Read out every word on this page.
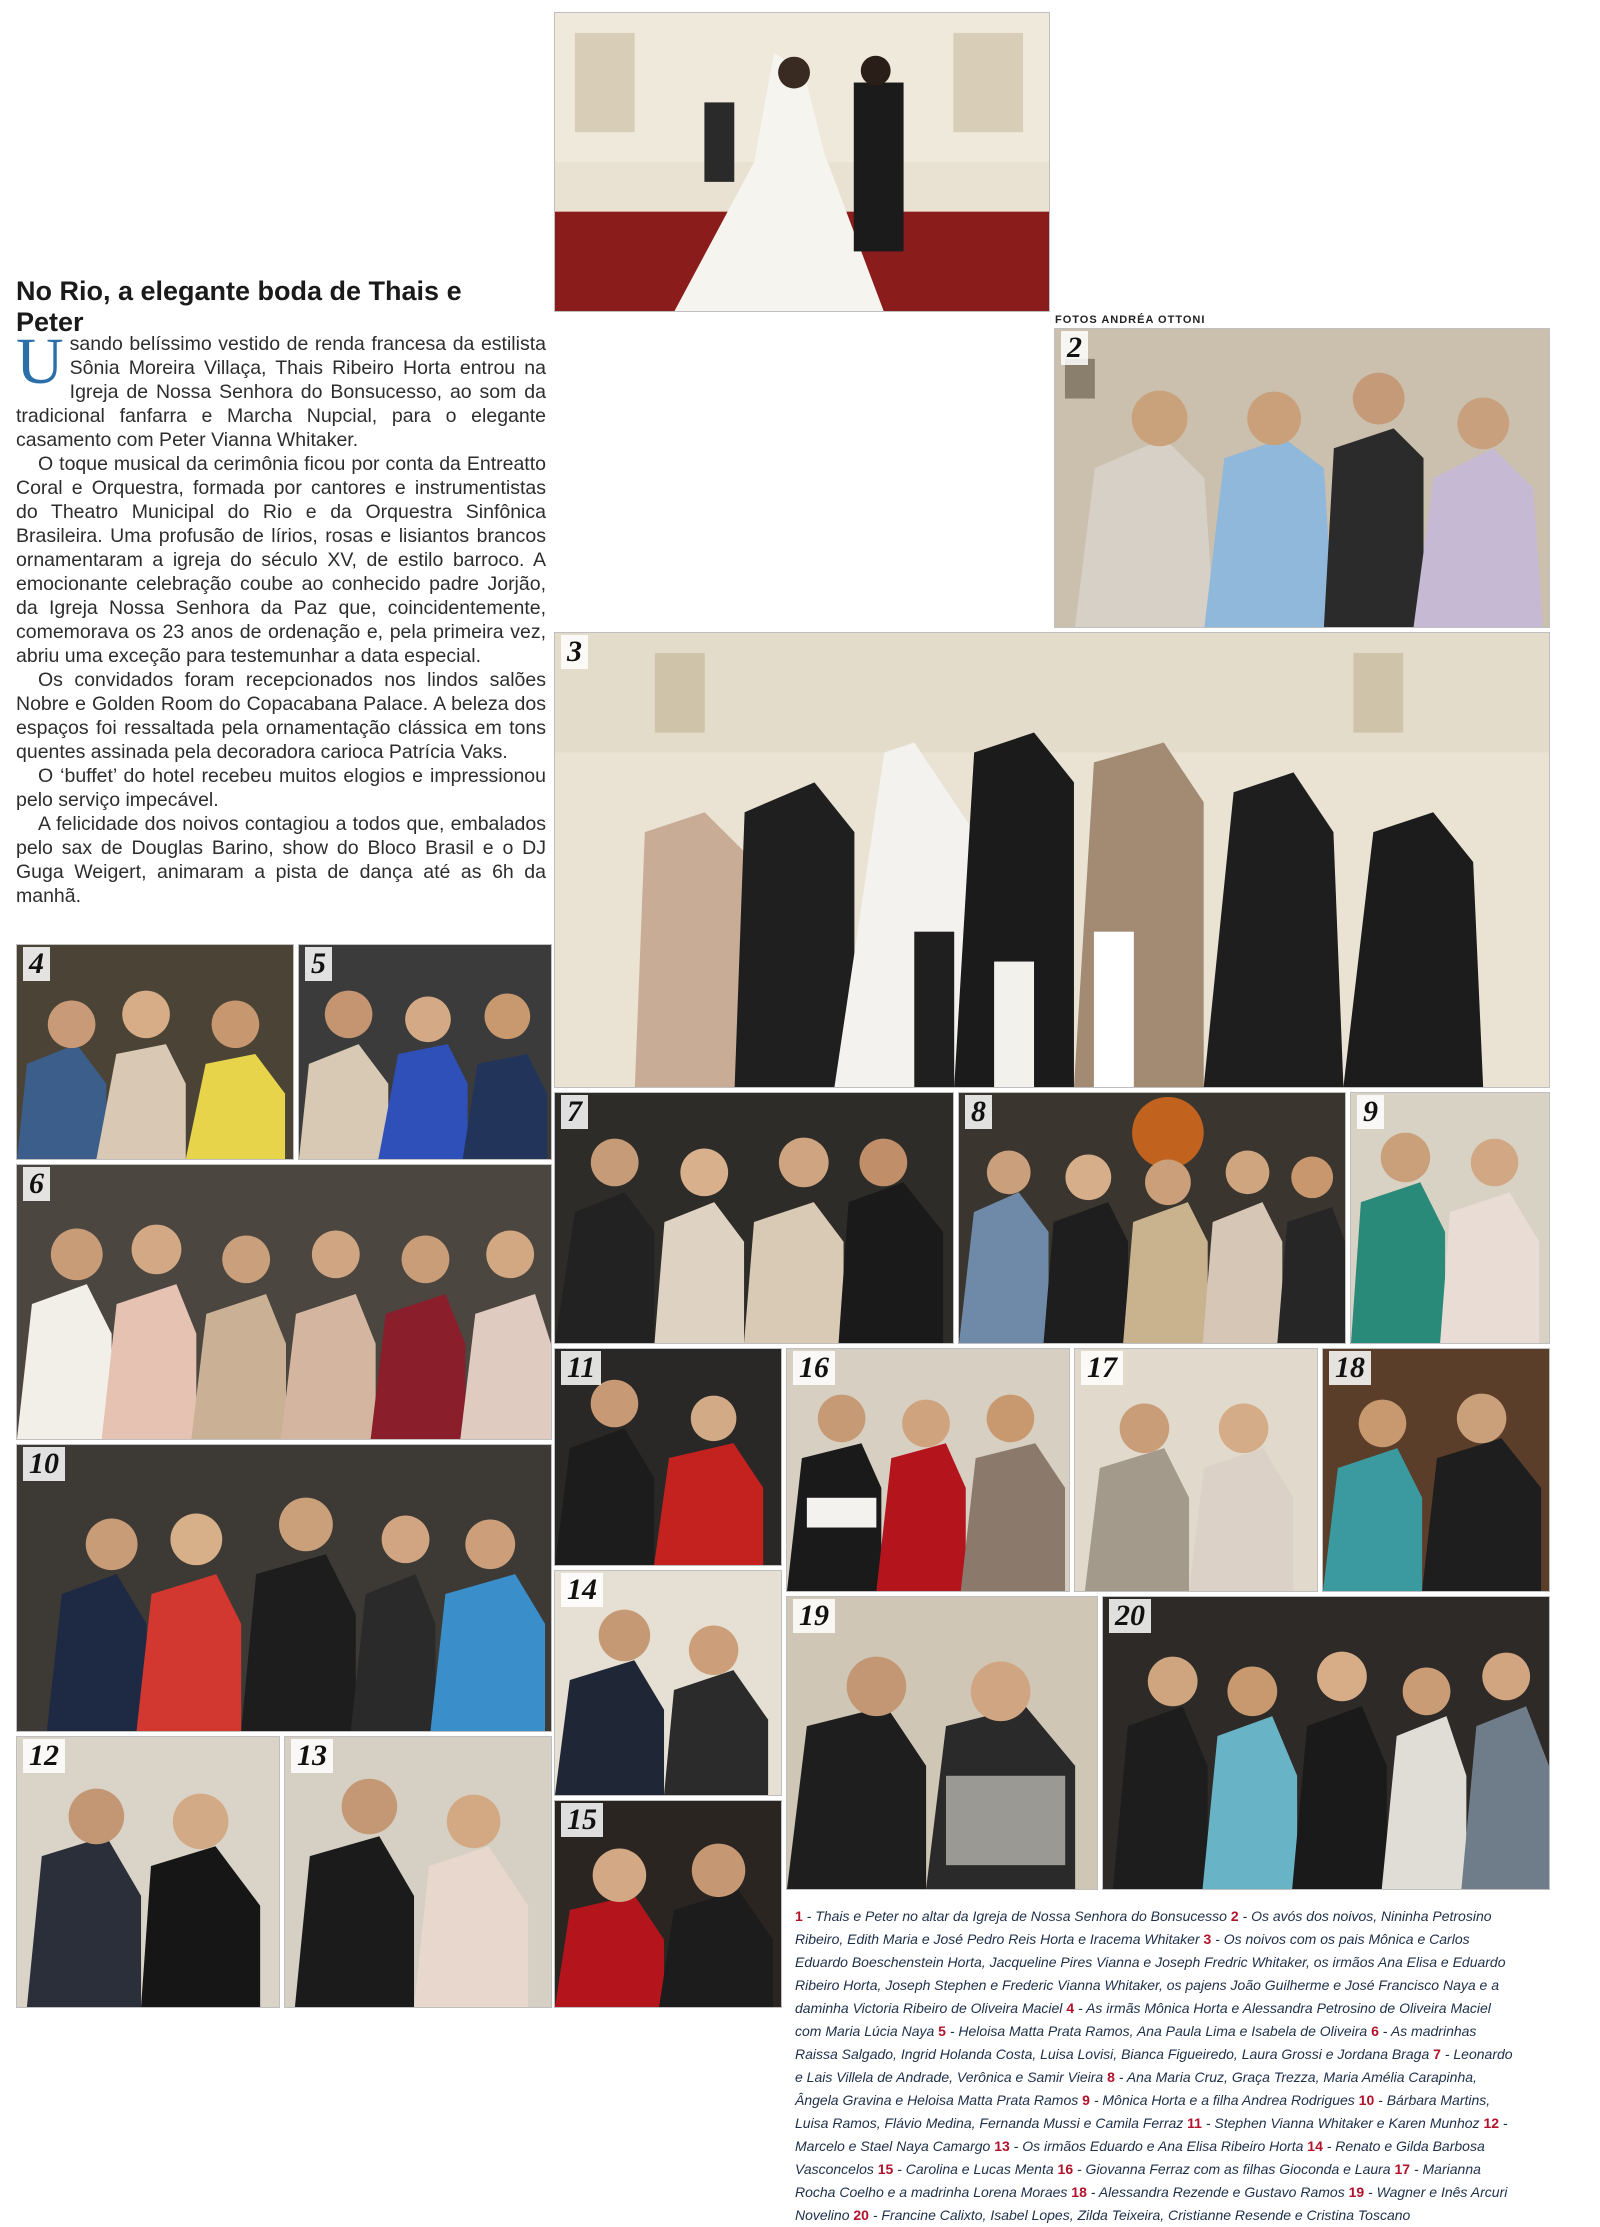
No Rio, a elegante boda de Thais e Peter

Usando belíssimo vestido de renda francesa da estilista Sônia Moreira Villaça, Thais Ribeiro Horta entrou na Igreja de Nossa Senhora do Bonsucesso, ao som da tradicional fanfarra e Marcha Nupcial, para o elegante casamento com Peter Vianna Whitaker.

O toque musical da cerimônia ficou por conta da Entreatto Coral e Orquestra, formada por cantores e instrumentistas do Theatro Municipal do Rio e da Orquestra Sinfônica Brasileira. Uma profusão de lírios, rosas e lisiantos brancos ornamentaram a igreja do século XV, de estilo barroco. A emocionante celebração coube ao conhecido padre Jorjão, da Igreja Nossa Senhora da Paz que, coincidentemente, comemorava os 23 anos de ordenação e, pela primeira vez, abriu uma exceção para testemunhar a data especial.

Os convidados foram recepcionados nos lindos salões Nobre e Golden Room do Copacabana Palace. A beleza dos espaços foi ressaltada pela ornamentação clássica em tons quentes assinada pela decoradora carioca Patrícia Vaks.

O ‘buffet’ do hotel recebeu muitos elogios e impressionou pelo serviço impecável.

A felicidade dos noivos contagiou a todos que, embalados pelo sax de Douglas Barino, show do Bloco Brasil e o DJ Guga Weigert, animaram a pista de dança até as 6h da manhã.

FOTOS ANDRÉA OTTONI
2
3
4	5
6
7	8	9
10
11	16	17	18
14
19	20
12	13
15
1 - Thais e Peter no altar da Igreja de Nossa Senhora do Bonsucesso 2 - Os avós dos noivos, Nininha Petrosino Ribeiro, Edith Maria e José Pedro Reis Horta e Iracema Whitaker 3 - Os noivos com os pais Mônica e Carlos Eduardo Boeschenstein Horta, Jacqueline Pires Vianna e Joseph Fredric Whitaker, os irmãos Ana Elisa e Eduardo Ribeiro Horta, Joseph Stephen e Frederic Vianna Whitaker, os pajens João Guilherme e José Francisco Naya e a daminha Victoria Ribeiro de Oliveira Maciel 4 - As irmãs Mônica Horta e Alessandra Petrosino de Oliveira Maciel com Maria Lúcia Naya 5 - Heloisa Matta Prata Ramos, Ana Paula Lima e Isabela de Oliveira 6 - As madrinhas Raissa Salgado, Ingrid Holanda Costa, Luisa Lovisi, Bianca Figueiredo, Laura Grossi e Jordana Braga 7 - Leonardo e Lais Villela de Andrade, Verônica e Samir Vieira 8 - Ana Maria Cruz, Graça Trezza, Maria Amélia Carapinha, Ângela Gravina e Heloisa Matta Prata Ramos 9 - Mônica Horta e a filha Andrea Rodrigues 10 - Bárbara Martins, Luisa Ramos, Flávio Medina, Fernanda Mussi e Camila Ferraz 11 - Stephen Vianna Whitaker e Karen Munhoz 12 - Marcelo e Stael Naya Camargo 13 - Os irmãos Eduardo e Ana Elisa Ribeiro Horta 14 - Renato e Gilda Barbosa Vasconcelos 15 - Carolina e Lucas Menta 16 - Giovanna Ferraz com as filhas Gioconda e Laura 17 - Marianna Rocha Coelho e a madrinha Lorena Moraes 18 - Alessandra Rezende e Gustavo Ramos 19 - Wagner e Inês Arcuri Novelino 20 - Francine Calixto, Isabel Lopes, Zilda Teixeira, Cristianne Resende e Cristina Toscano
